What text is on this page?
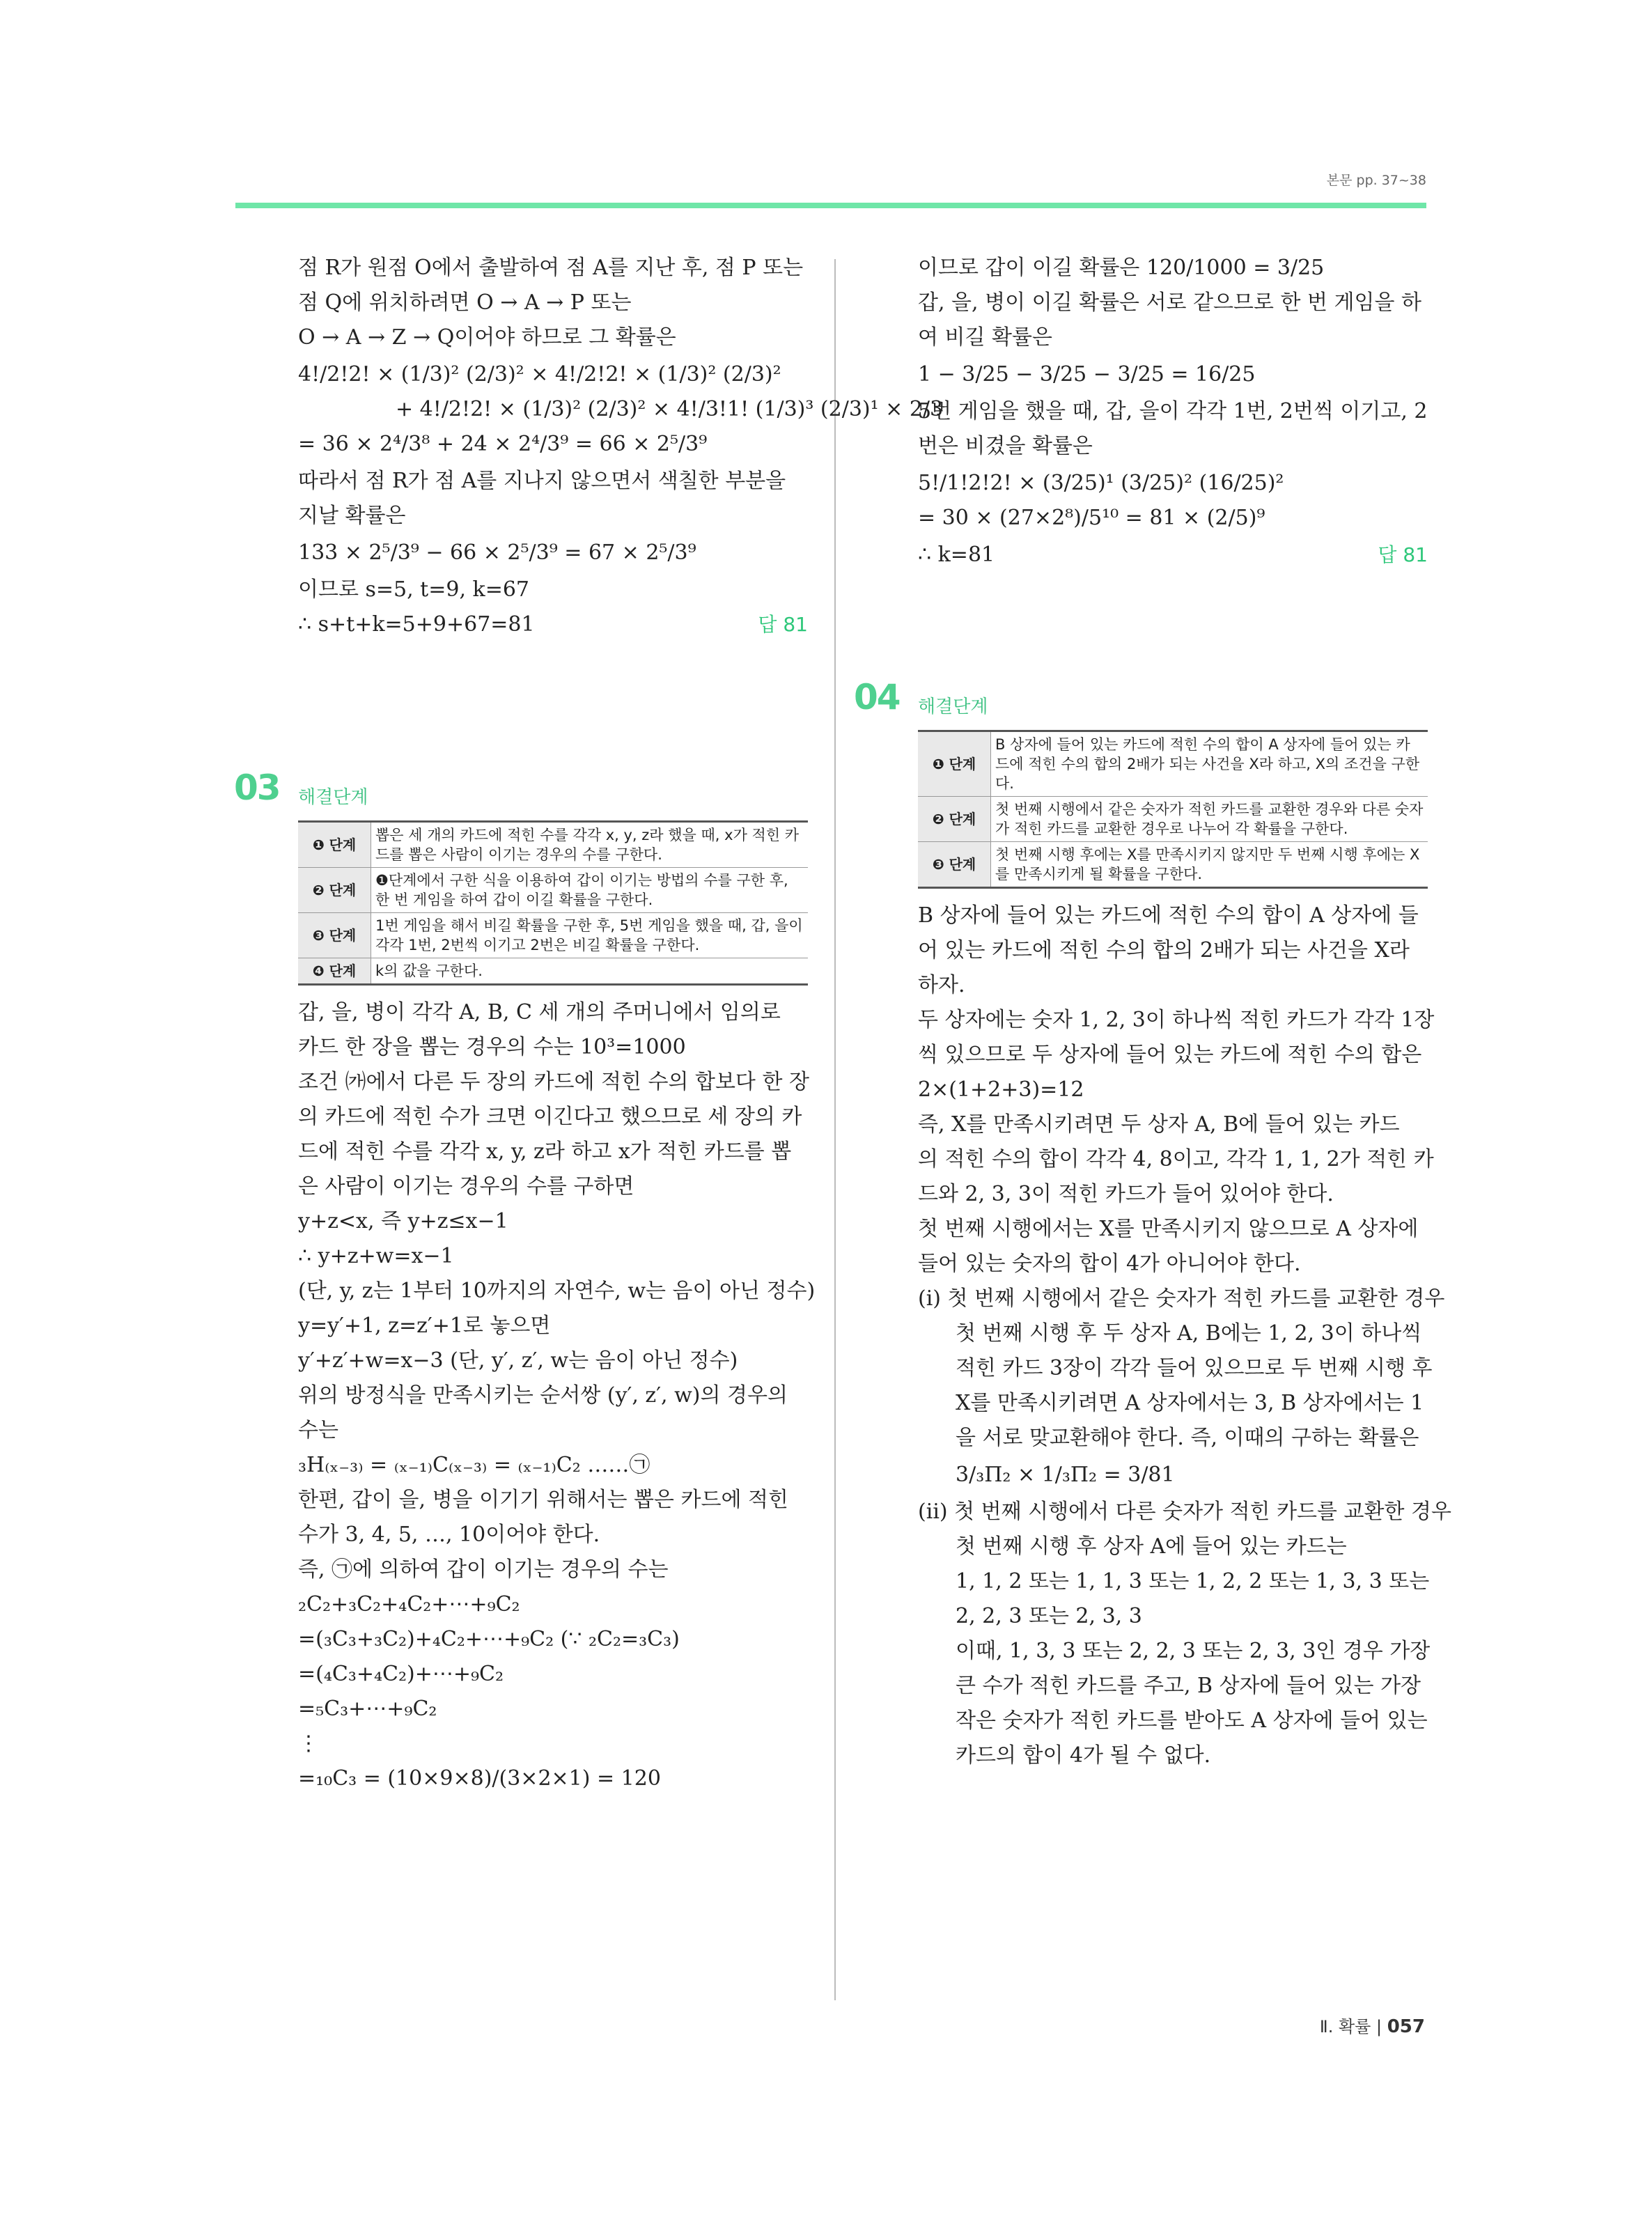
본문 pp. 37~38
점 R가 원점 O에서 출발하여 점 A를 지난 후, 점 P 또는
점 Q에 위치하려면 O → A → P 또는
O → A → Z → Q이어야 하므로 그 확률은
4!/2!2! × (1/3)² (2/3)² × 4!/2!2! × (1/3)² (2/3)²
+ 4!/2!2! × (1/3)² (2/3)² × 4!/3!1! (1/3)³ (2/3)¹ × 2/3
= 36 × 2⁴/3⁸ + 24 × 2⁴/3⁹ = 66 × 2⁵/3⁹
따라서 점 R가 점 A를 지나지 않으면서 색칠한 부분을
지날 확률은
133 × 2⁵/3⁹ − 66 × 2⁵/3⁹ = 67 × 2⁵/3⁹
이므로 s=5, t=9, k=67
∴ s+t+k=5+9+67=81	답 81
03 해결단계
❶ 단계	뽑은 세 개의 카드에 적힌 수를 각각 x, y, z라 했을 때, x가 적힌 카드를 뽑은 사람이 이기는 경우의 수를 구한다.
❷ 단계	❶단계에서 구한 식을 이용하여 갑이 이기는 방법의 수를 구한 후, 한 번 게임을 하여 갑이 이길 확률을 구한다.
❸ 단계	1번 게임을 해서 비길 확률을 구한 후, 5번 게임을 했을 때, 갑, 을이 각각 1번, 2번씩 이기고 2번은 비길 확률을 구한다.
❹ 단계	k의 값을 구한다.
갑, 을, 병이 각각 A, B, C 세 개의 주머니에서 임의로
카드 한 장을 뽑는 경우의 수는 10³=1000
조건 ㈎에서 다른 두 장의 카드에 적힌 수의 합보다 한 장
의 카드에 적힌 수가 크면 이긴다고 했으므로 세 장의 카
드에 적힌 수를 각각 x, y, z라 하고 x가 적힌 카드를 뽑
은 사람이 이기는 경우의 수를 구하면
y+z<x, 즉 y+z≤x−1
∴ y+z+w=x−1
(단, y, z는 1부터 10까지의 자연수, w는 음이 아닌 정수)
y=y′+1, z=z′+1로 놓으면
y′+z′+w=x−3 (단, y′, z′, w는 음이 아닌 정수)
위의 방정식을 만족시키는 순서쌍 (y′, z′, w)의 경우의
수는
₃H₍ₓ₋₃₎ = ₍ₓ₋₁₎C₍ₓ₋₃₎ = ₍ₓ₋₁₎C₂ ……㉠
한편, 갑이 을, 병을 이기기 위해서는 뽑은 카드에 적힌
수가 3, 4, 5, …, 10이어야 한다.
즉, ㉠에 의하여 갑이 이기는 경우의 수는
₂C₂+₃C₂+₄C₂+⋯+₉C₂
=(₃C₃+₃C₂)+₄C₂+⋯+₉C₂ (∵ ₂C₂=₃C₃)
=(₄C₃+₄C₂)+⋯+₉C₂
=₅C₃+⋯+₉C₂
⋮
=₁₀C₃ = (10×9×8)/(3×2×1) = 120
이므로 갑이 이길 확률은 120/1000 = 3/25
갑, 을, 병이 이길 확률은 서로 같으므로 한 번 게임을 하
여 비길 확률은
1 − 3/25 − 3/25 − 3/25 = 16/25
5번 게임을 했을 때, 갑, 을이 각각 1번, 2번씩 이기고, 2
번은 비겼을 확률은
5!/1!2!2! × (3/25)¹ (3/25)² (16/25)²
= 30 × (27×2⁸)/5¹⁰ = 81 × (2/5)⁹
∴ k=81	답 81
04 해결단계
❶ 단계	B 상자에 들어 있는 카드에 적힌 수의 합이 A 상자에 들어 있는 카드에 적힌 수의 합의 2배가 되는 사건을 X라 하고, X의 조건을 구한다.
❷ 단계	첫 번째 시행에서 같은 숫자가 적힌 카드를 교환한 경우와 다른 숫자가 적힌 카드를 교환한 경우로 나누어 각 확률을 구한다.
❸ 단계	첫 번째 시행 후에는 X를 만족시키지 않지만 두 번째 시행 후에는 X를 만족시키게 될 확률을 구한다.
B 상자에 들어 있는 카드에 적힌 수의 합이 A 상자에 들
어 있는 카드에 적힌 수의 합의 2배가 되는 사건을 X라
하자.
두 상자에는 숫자 1, 2, 3이 하나씩 적힌 카드가 각각 1장
씩 있으므로 두 상자에 들어 있는 카드에 적힌 수의 합은
2×(1+2+3)=12
즉, X를 만족시키려면 두 상자 A, B에 들어 있는 카드
의 적힌 수의 합이 각각 4, 8이고, 각각 1, 1, 2가 적힌 카
드와 2, 3, 3이 적힌 카드가 들어 있어야 한다.
첫 번째 시행에서는 X를 만족시키지 않으므로 A 상자에
들어 있는 숫자의 합이 4가 아니어야 한다.
(ⅰ) 첫 번째 시행에서 같은 숫자가 적힌 카드를 교환한 경우
첫 번째 시행 후 두 상자 A, B에는 1, 2, 3이 하나씩
적힌 카드 3장이 각각 들어 있으므로 두 번째 시행 후
X를 만족시키려면 A 상자에서는 3, B 상자에서는 1
을 서로 맞교환해야 한다. 즉, 이때의 구하는 확률은
3/₃Π₂ × 1/₃Π₂ = 3/81
(ⅱ) 첫 번째 시행에서 다른 숫자가 적힌 카드를 교환한 경우
첫 번째 시행 후 상자 A에 들어 있는 카드는
1, 1, 2 또는 1, 1, 3 또는 1, 2, 2 또는 1, 3, 3 또는
2, 2, 3 또는 2, 3, 3
이때, 1, 3, 3 또는 2, 2, 3 또는 2, 3, 3인 경우 가장
큰 수가 적힌 카드를 주고, B 상자에 들어 있는 가장
작은 숫자가 적힌 카드를 받아도 A 상자에 들어 있는
카드의 합이 4가 될 수 없다.
Ⅱ. 확률 | 057
